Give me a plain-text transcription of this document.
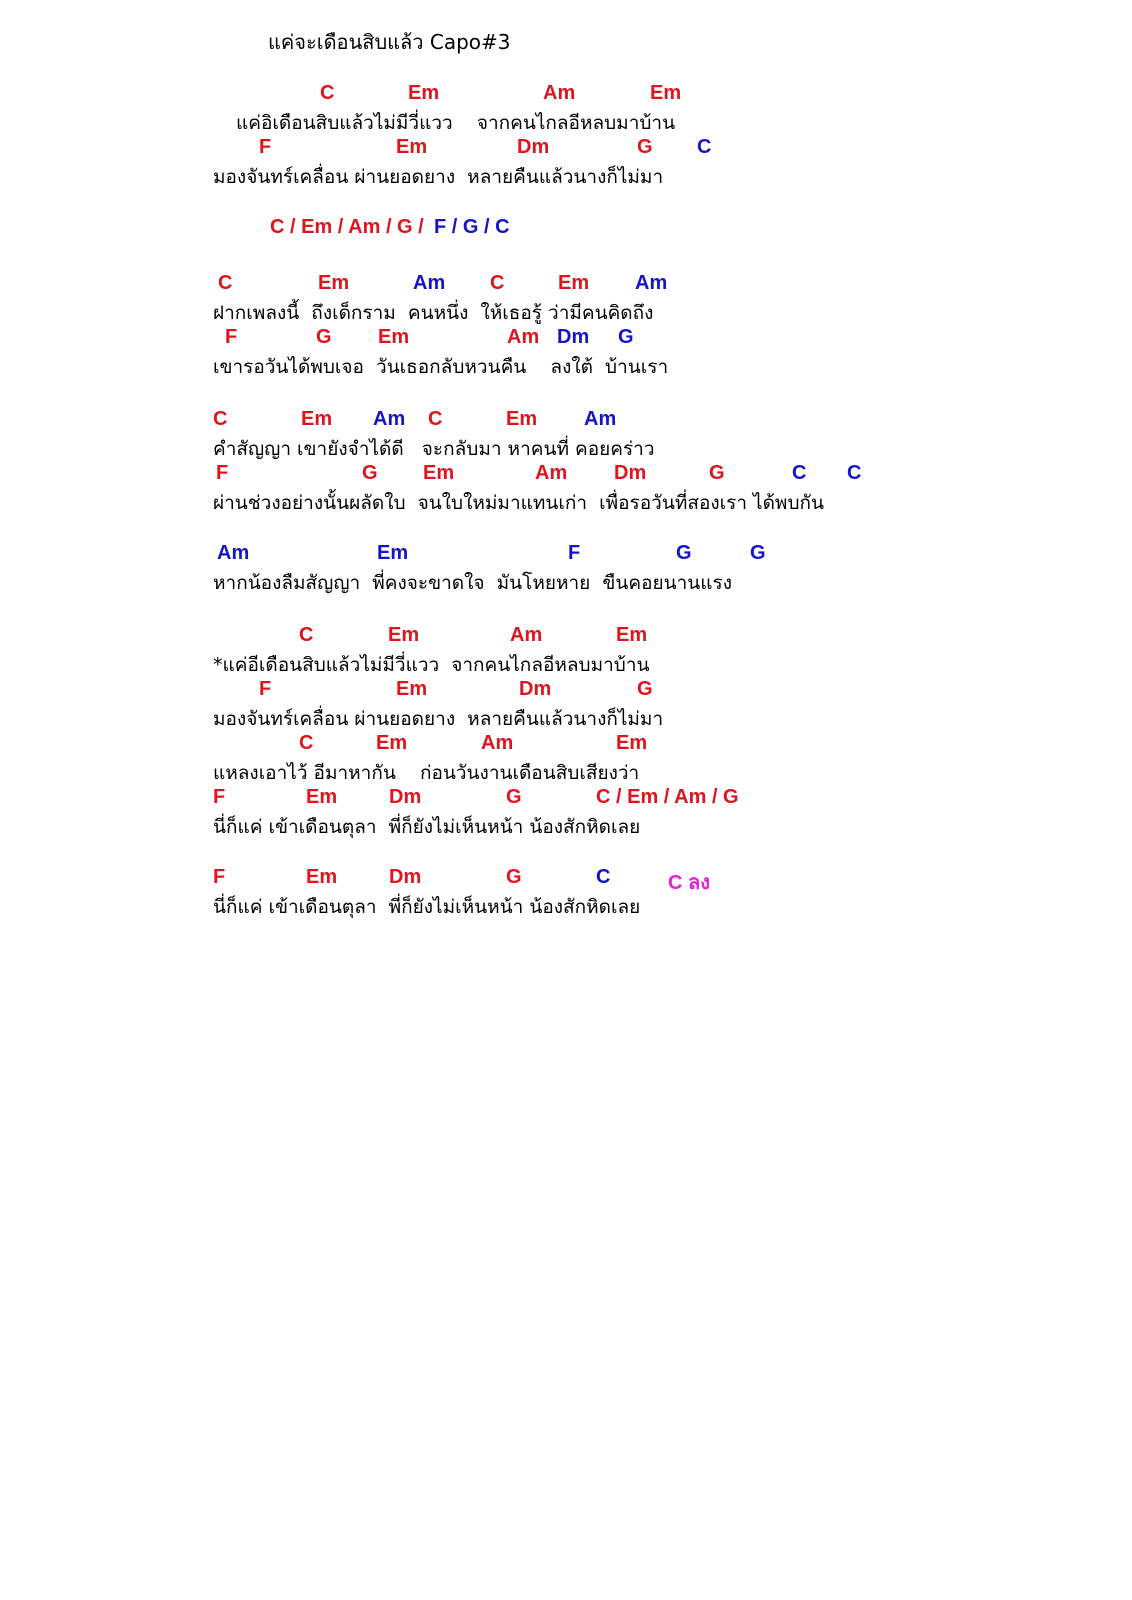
แค่จะเดือนสิบแล้ว Capo#3
C	Em	Am	Em
แค่อิเดือนสิบแล้วไม่มีวี่แวว    จากคนไกลอีหลบมาบ้าน
F	Em	Dm	G C
มองจันทร์เคลื่อน ผ่านยอดยาง  หลายคืนแล้วนางก็ไม่มา
C / Em / Am / G / F / G / C
C	Em	Am C	Em Am
ฝากเพลงนี้  ถึงเด็กราม  คนหนึ่ง  ให้เธอรู้ ว่ามีคนคิดถึง
F	G Em	Am Dm G
เขารอวันได้พบเจอ  วันเธอกลับหวนคืน    ลงใต้  บ้านเรา
C	Em Am C	Em Am
คำสัญญา เขายังจำได้ดี   จะกลับมา หาคนที่ คอยคร่าว
F	G Em	Am Dm	G	C C
ผ่านช่วงอย่างนั้นผลัดใบ  จนใบใหม่มาแทนเก่า  เพื่อรอวันที่สองเรา ได้พบกัน
Am	Em	F	G	G
หากน้องลืมสัญญา  พี่คงจะขาดใจ  มันโหยหาย  ขืนคอยนานแรง
C	Em	Am	Em
*แค่อีเดือนสิบแล้วไม่มีวี่แวว  จากคนไกลอีหลบมาบ้าน
F	Em	Dm	G
มองจันทร์เคลื่อน ผ่านยอดยาง  หลายคืนแล้วนางก็ไม่มา
C	Em	Am	Em
แหลงเอาไว้ อีมาหากัน    ก่อนวันงานเดือนสิบเสียงว่า
F	Em	Dm	G	C / Em / Am / G
นี่ก็แค่ เข้าเดือนตุลา  พี่ก็ยังไม่เห็นหน้า น้องสักหิดเลย
F	Em	Dm	G	C	C ลง
นี่ก็แค่ เข้าเดือนตุลา  พี่ก็ยังไม่เห็นหน้า น้องสักหิดเลย
